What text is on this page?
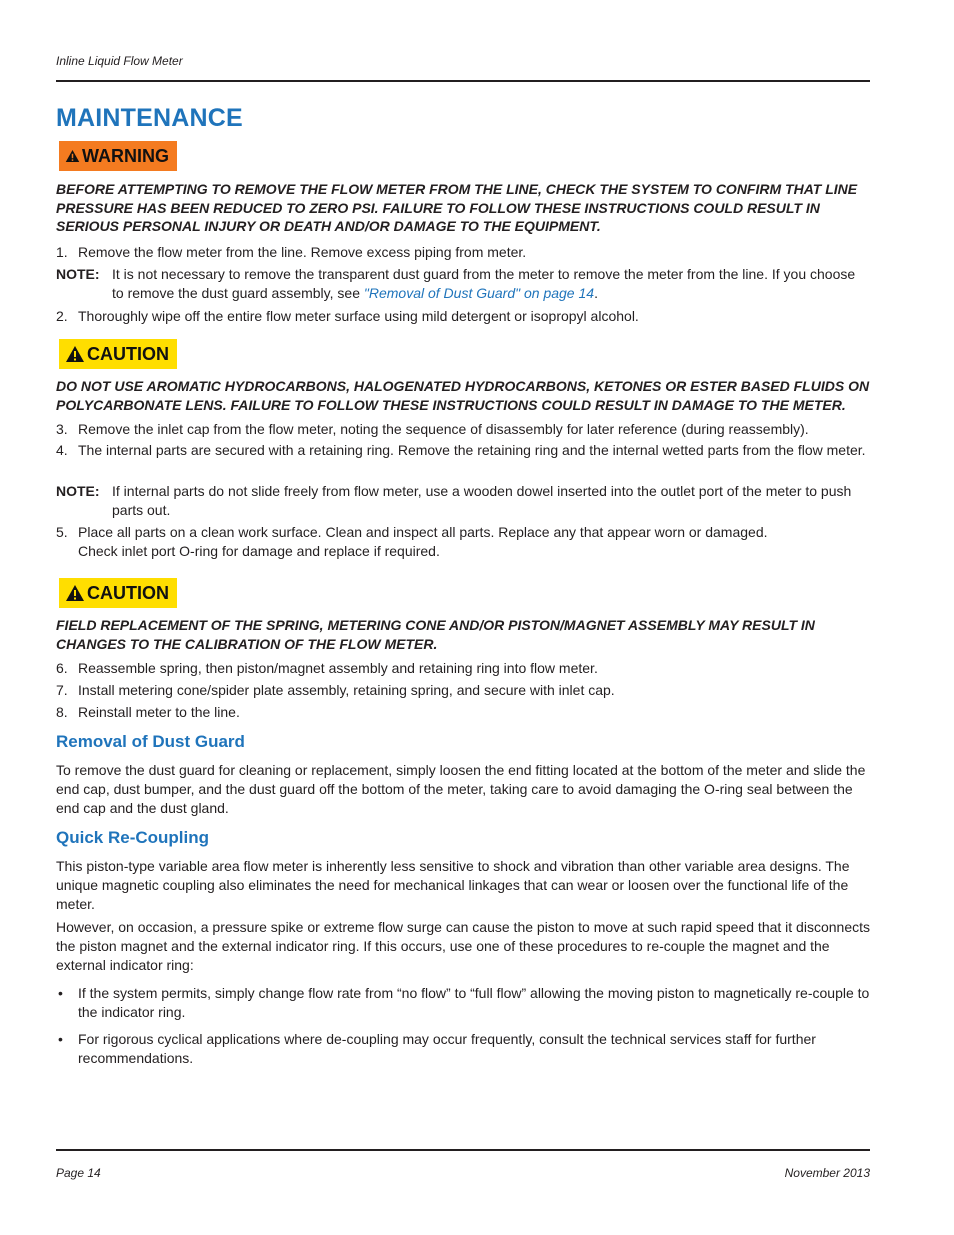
Inline Liquid Flow Meter
MAINTENANCE
WARNING

BEFORE ATTEMPTING TO REMOVE THE FLOW METER FROM THE LINE, CHECK THE SYSTEM TO CONFIRM THAT LINE PRESSURE HAS BEEN REDUCED TO ZERO PSI. FAILURE TO FOLLOW THESE INSTRUCTIONS COULD RESULT IN SERIOUS PERSONAL INJURY OR DEATH AND/OR DAMAGE TO THE EQUIPMENT.

1. Remove the flow meter from the line. Remove excess piping from meter.
NOTE: It is not necessary to remove the transparent dust guard from the meter to remove the meter from the line. If you choose to remove the dust guard assembly, see "Removal of Dust Guard" on page 14.
2. Thoroughly wipe off the entire flow meter surface using mild detergent or isopropyl alcohol.
CAUTION

DO NOT USE AROMATIC HYDROCARBONS, HALOGENATED HYDROCARBONS, KETONES OR ESTER BASED FLUIDS ON POLYCARBONATE LENS. FAILURE TO FOLLOW THESE INSTRUCTIONS COULD RESULT IN DAMAGE TO THE METER.

3. Remove the inlet cap from the flow meter, noting the sequence of disassembly for later reference (during reassembly).
4. The internal parts are secured with a retaining ring. Remove the retaining ring and the internal wetted parts from the flow meter.
NOTE: If internal parts do not slide freely from flow meter, use a wooden dowel inserted into the outlet port of the meter to push parts out.
5. Place all parts on a clean work surface. Clean and inspect all parts. Replace any that appear worn or damaged.
Check inlet port O-ring for damage and replace if required.
CAUTION

FIELD REPLACEMENT OF THE SPRING, METERING CONE AND/OR PISTON/MAGNET ASSEMBLY MAY RESULT IN CHANGES TO THE CALIBRATION OF THE FLOW METER.

6. Reassemble spring, then piston/magnet assembly and retaining ring into flow meter.
7. Install metering cone/spider plate assembly, retaining spring, and secure with inlet cap.
8. Reinstall meter to the line.
Removal of Dust Guard

To remove the dust guard for cleaning or replacement, simply loosen the end fitting located at the bottom of the meter and slide the end cap, dust bumper, and the dust guard off the bottom of the meter, taking care to avoid damaging the O-ring seal between the end cap and the dust gland.

Quick Re-Coupling

This piston-type variable area flow meter is inherently less sensitive to shock and vibration than other variable area designs. The unique magnetic coupling also eliminates the need for mechanical linkages that can wear or loosen over the functional life of the meter.

However, on occasion, a pressure spike or extreme flow surge can cause the piston to move at such rapid speed that it disconnects the piston magnet and the external indicator ring. If this occurs, use one of these procedures to re-couple the magnet and the external indicator ring:

•	If the system permits, simply change flow rate from “no flow” to “full flow” allowing the moving piston to magnetically re-couple to the indicator ring.
•	For rigorous cyclical applications where de-coupling may occur frequently, consult the technical services staff for further recommendations.
Page 14	November 2013
